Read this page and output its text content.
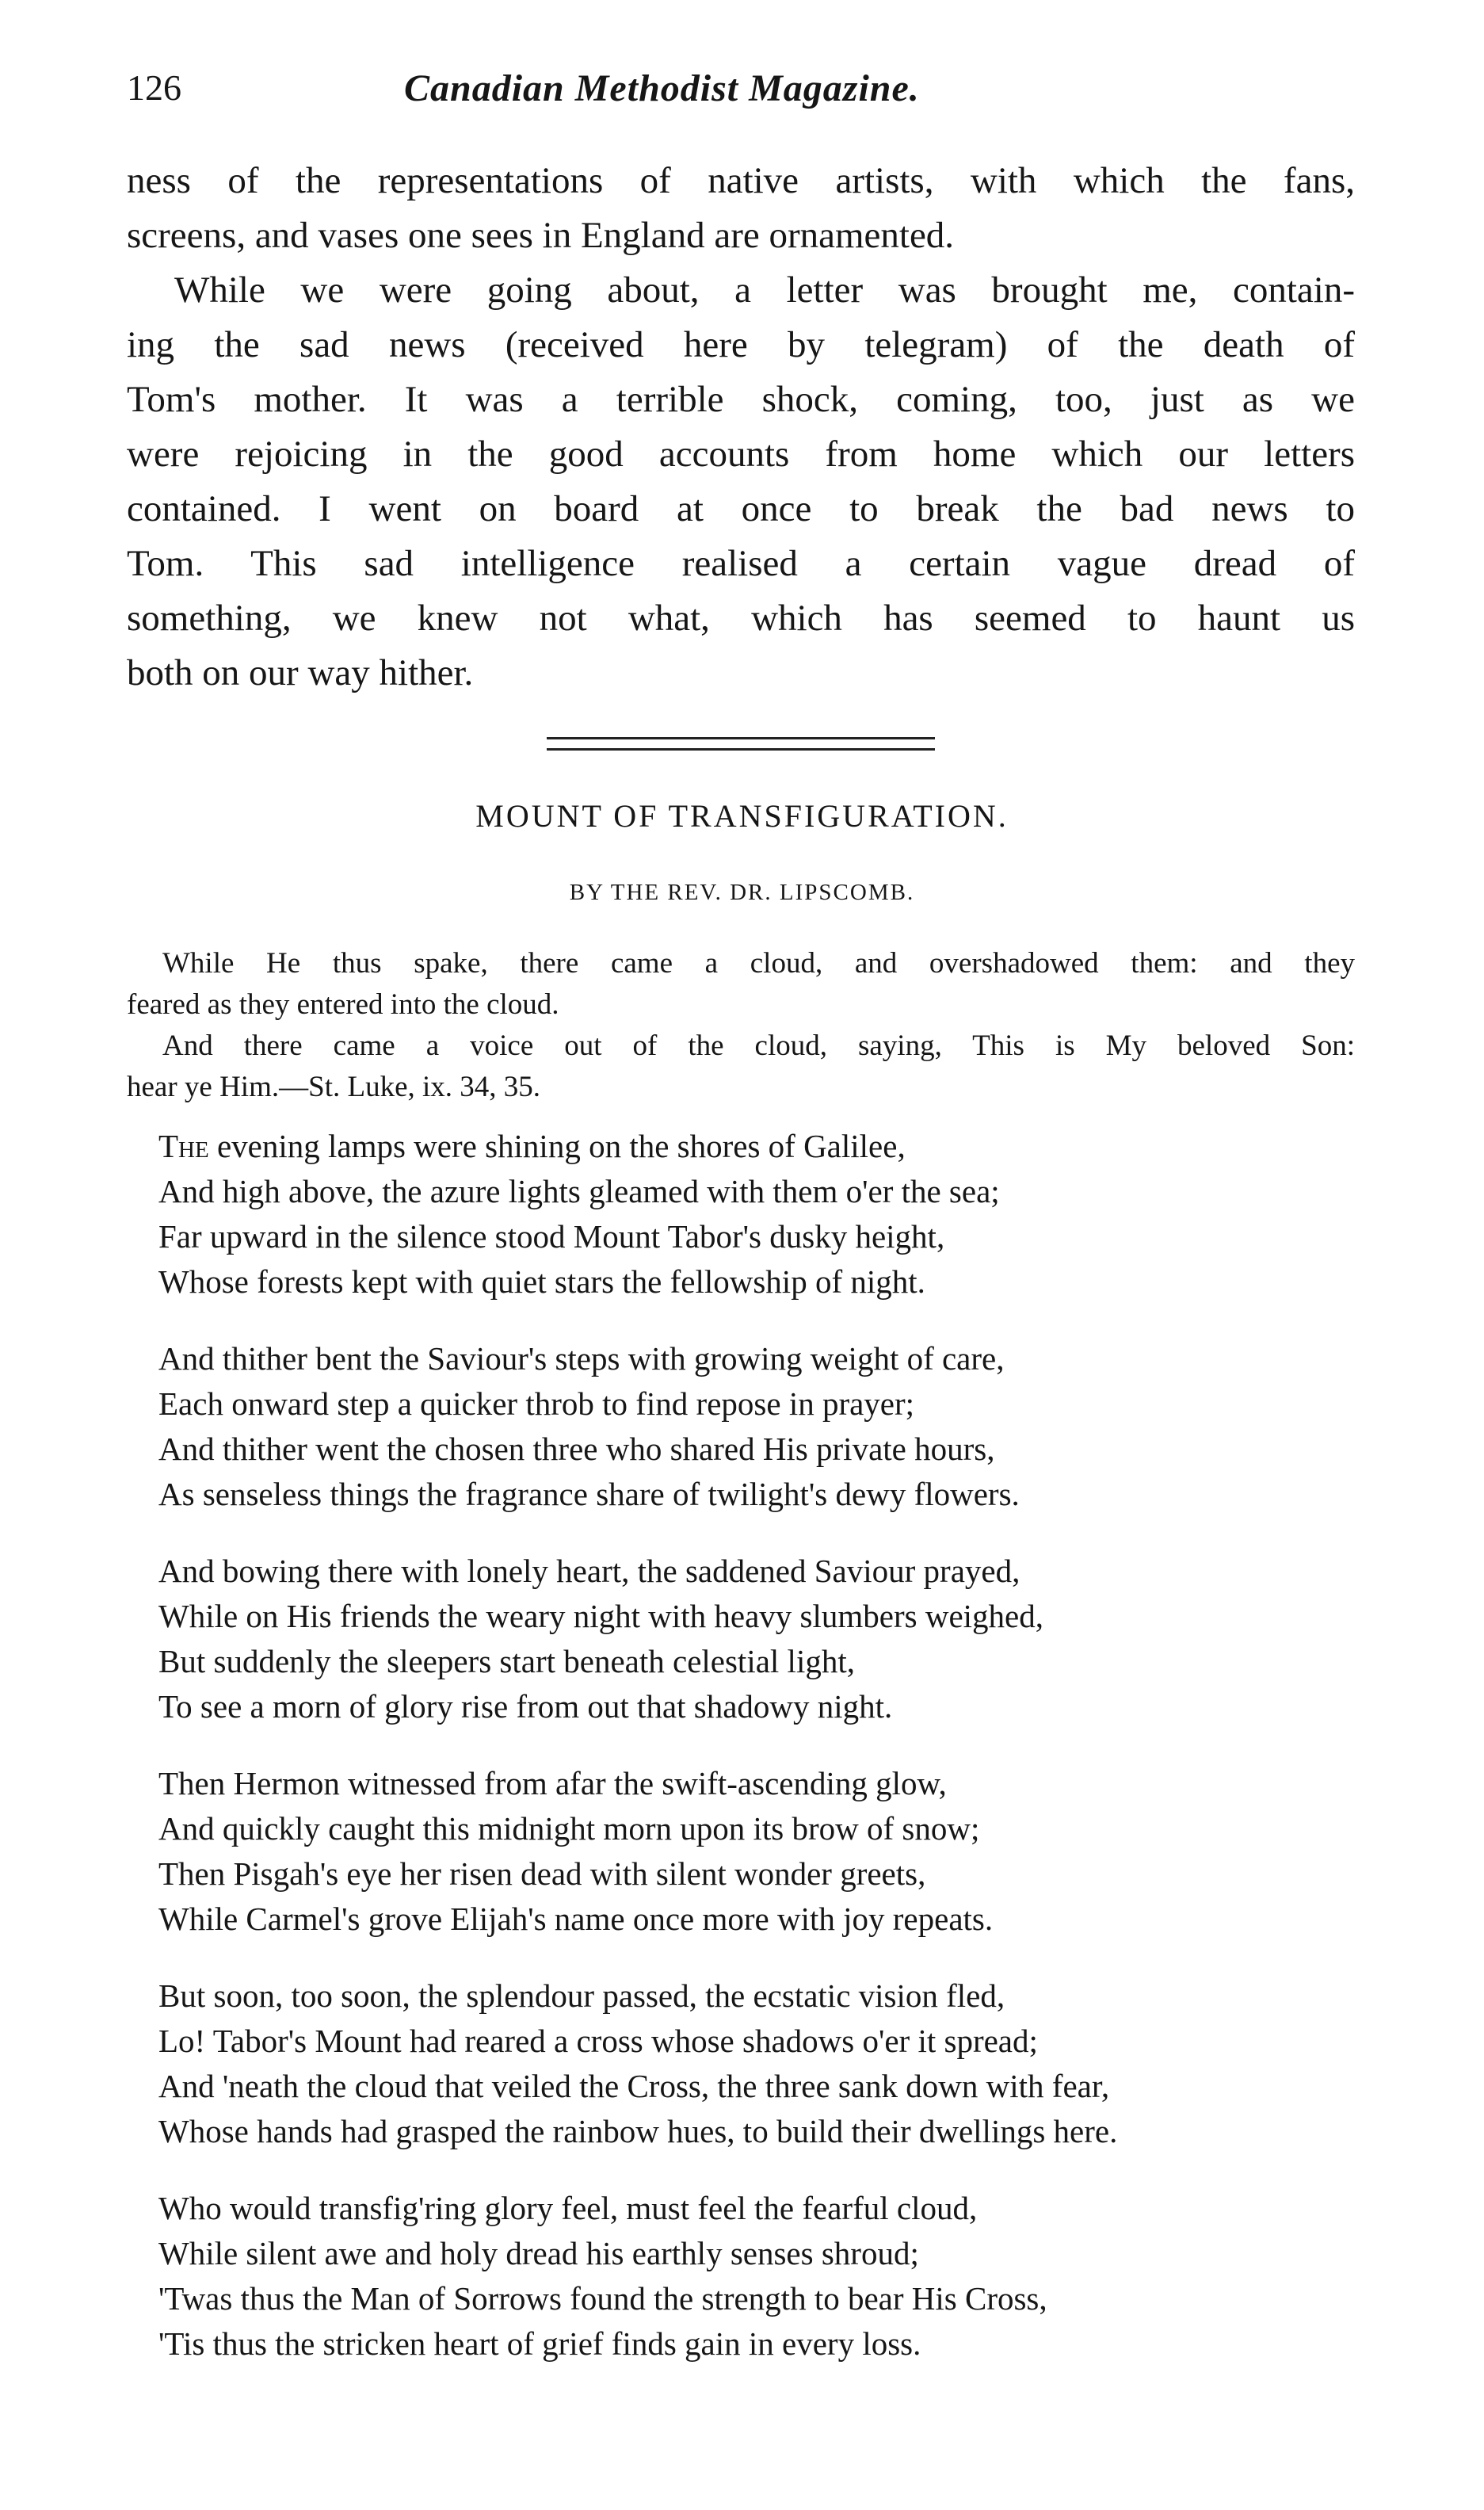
126	Canadian Methodist Magazine.
ness of the representations of native artists, with which the fans,
screens, and vases one sees in England are ornamented.
While we were going about, a letter was brought me, contain-
ing the sad news (received here by telegram) of the death of
Tom's mother. It was a terrible shock, coming, too, just as we
were rejoicing in the good accounts from home which our letters
contained. I went on board at once to break the bad news to
Tom. This sad intelligence realised a certain vague dread of
something, we knew not what, which has seemed to haunt us
both on our way hither.
MOUNT OF TRANSFIGURATION.
BY THE REV. DR. LIPSCOMB.
While He thus spake, there came a cloud, and overshadowed them: and they
feared as they entered into the cloud.
And there came a voice out of the cloud, saying, This is My beloved Son:
hear ye Him.—St. Luke, ix. 34, 35.
The evening lamps were shining on the shores of Galilee,
And high above, the azure lights gleamed with them o'er the sea;
Far upward in the silence stood Mount Tabor's dusky height,
Whose forests kept with quiet stars the fellowship of night.
And thither bent the Saviour's steps with growing weight of care,
Each onward step a quicker throb to find repose in prayer;
And thither went the chosen three who shared His private hours,
As senseless things the fragrance share of twilight's dewy flowers.
And bowing there with lonely heart, the saddened Saviour prayed,
While on His friends the weary night with heavy slumbers weighed,
But suddenly the sleepers start beneath celestial light,
To see a morn of glory rise from out that shadowy night.
Then Hermon witnessed from afar the swift-ascending glow,
And quickly caught this midnight morn upon its brow of snow;
Then Pisgah's eye her risen dead with silent wonder greets,
While Carmel's grove Elijah's name once more with joy repeats.
But soon, too soon, the splendour passed, the ecstatic vision fled,
Lo! Tabor's Mount had reared a cross whose shadows o'er it spread;
And 'neath the cloud that veiled the Cross, the three sank down with fear,
Whose hands had grasped the rainbow hues, to build their dwellings here.
Who would transfig'ring glory feel, must feel the fearful cloud,
While silent awe and holy dread his earthly senses shroud;
'Twas thus the Man of Sorrows found the strength to bear His Cross,
'Tis thus the stricken heart of grief finds gain in every loss.
